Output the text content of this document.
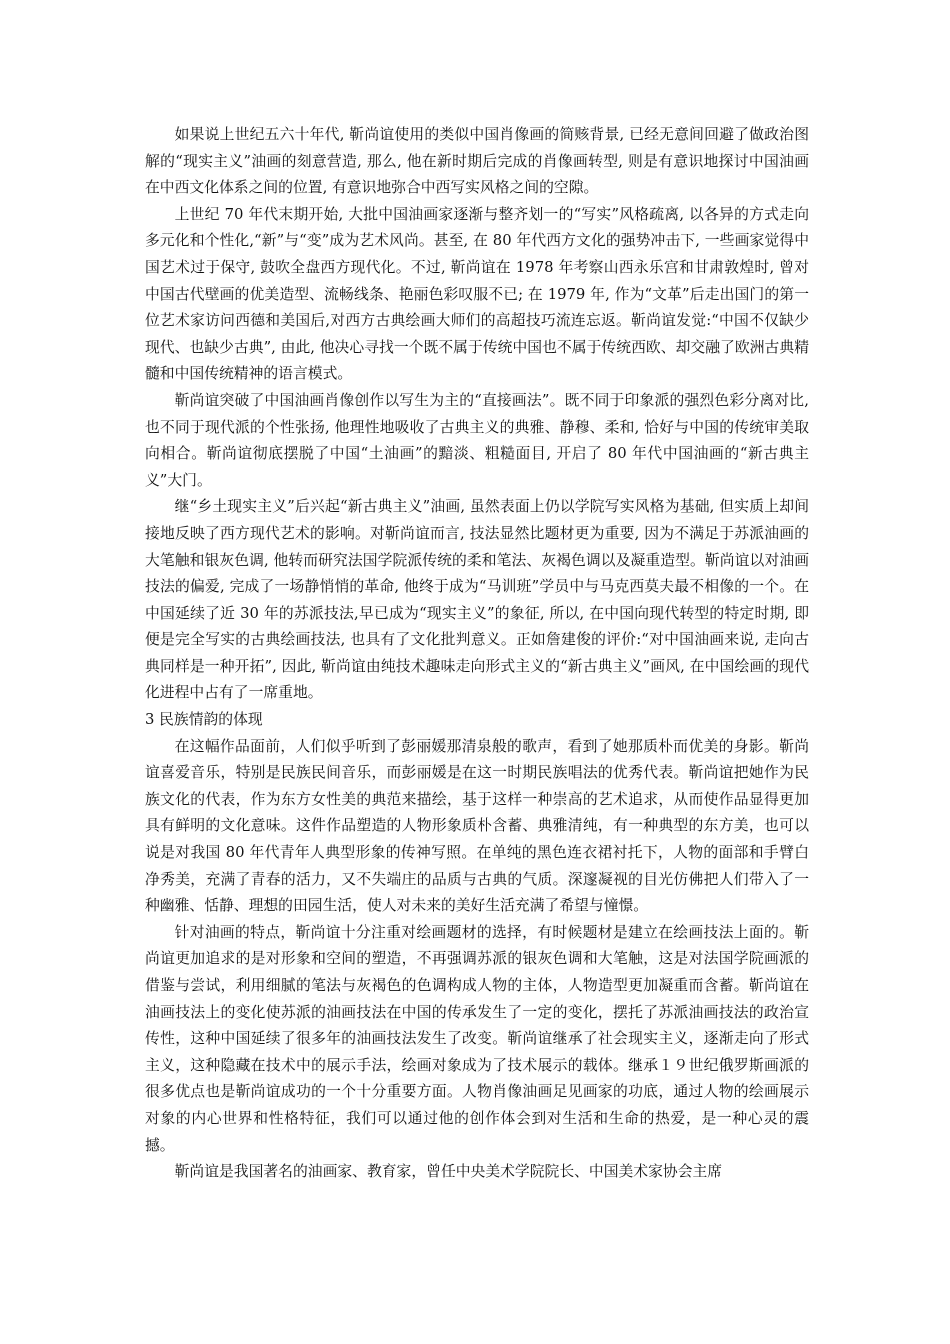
如果说上世纪五六十年代, 靳尚谊使用的类似中国肖像画的简赅背景, 已经无意间回避了做政治图解的“现实主义”油画的刻意营造, 那么, 他在新时期后完成的肖像画转型, 则是有意识地探讨中国油画在中西文化体系之间的位置, 有意识地弥合中西写实风格之间的空隙。

上世纪 70 年代末期开始, 大批中国油画家逐渐与整齐划一的“写实”风格疏离, 以各异的方式走向多元化和个性化,“新”与“变”成为艺术风尚。甚至, 在 80 年代西方文化的强势冲击下, 一些画家觉得中国艺术过于保守, 鼓吹全盘西方现代化。不过, 靳尚谊在 1978 年考察山西永乐宫和甘肃敦煌时, 曾对中国古代壁画的优美造型、流畅线条、艳丽色彩叹服不已; 在 1979 年, 作为“文革”后走出国门的第一位艺术家访问西德和美国后,对西方古典绘画大师们的高超技巧流连忘返。靳尚谊发觉:“中国不仅缺少现代、也缺少古典”, 由此, 他决心寻找一个既不属于传统中国也不属于传统西欧、却交融了欧洲古典精髓和中国传统精神的语言模式。

靳尚谊突破了中国油画肖像创作以写生为主的“直接画法”。既不同于印象派的强烈色彩分离对比, 也不同于现代派的个性张扬, 他理性地吸收了古典主义的典雅、静穆、柔和, 恰好与中国的传统审美取向相合。靳尚谊彻底摆脱了中国“土油画”的黯淡、粗糙面目, 开启了 80 年代中国油画的“新古典主义”大门。

继“乡土现实主义”后兴起“新古典主义”油画, 虽然表面上仍以学院写实风格为基础, 但实质上却间接地反映了西方现代艺术的影响。对靳尚谊而言, 技法显然比题材更为重要, 因为不满足于苏派油画的大笔触和银灰色调, 他转而研究法国学院派传统的柔和笔法、灰褐色调以及凝重造型。靳尚谊以对油画技法的偏爱, 完成了一场静悄悄的革命, 他终于成为“马训班”学员中与马克西莫夫最不相像的一个。在中国延续了近 30 年的苏派技法,早已成为“现实主义”的象征, 所以, 在中国向现代转型的特定时期, 即便是完全写实的古典绘画技法, 也具有了文化批判意义。正如詹建俊的评价:“对中国油画来说, 走向古典同样是一种开拓”, 因此, 靳尚谊由纯技术趣味走向形式主义的“新古典主义”画风, 在中国绘画的现代化进程中占有了一席重地。

3 民族情韵的体现

在这幅作品面前，人们似乎听到了彭丽媛那清泉般的歌声，看到了她那质朴而优美的身影。靳尚谊喜爱音乐，特别是民族民间音乐，而彭丽媛是在这一时期民族唱法的优秀代表。靳尚谊把她作为民族文化的代表，作为东方女性美的典范来描绘，基于这样一种崇高的艺术追求，从而使作品显得更加具有鲜明的文化意味。这件作品塑造的人物形象质朴含蓄、典雅清纯，有一种典型的东方美，也可以说是对我国 80 年代青年人典型形象的传神写照。在单纯的黑色连衣裙衬托下，人物的面部和手臂白净秀美，充满了青春的活力，又不失端庄的品质与古典的气质。深邃凝视的目光仿佛把人们带入了一种幽雅、恬静、理想的田园生活，使人对未来的美好生活充满了希望与憧憬。

针对油画的特点，靳尚谊十分注重对绘画题材的选择，有时候题材是建立在绘画技法上面的。靳尚谊更加追求的是对形象和空间的塑造，不再强调苏派的银灰色调和大笔触，这是对法国学院画派的借鉴与尝试，利用细腻的笔法与灰褐色的色调构成人物的主体，人物造型更加凝重而含蓄。靳尚谊在油画技法上的变化使苏派的油画技法在中国的传承发生了一定的变化，摆托了苏派油画技法的政治宣传性，这种中国延续了很多年的油画技法发生了改变。靳尚谊继承了社会现实主义，逐渐走向了形式主义，这种隐藏在技术中的展示手法，绘画对象成为了技术展示的载体。继承１９世纪俄罗斯画派的很多优点也是靳尚谊成功的一个十分重要方面。人物肖像油画足见画家的功底，通过人物的绘画展示对象的内心世界和性格特征，我们可以通过他的创作体会到对生活和生命的热爱，是一种心灵的震撼。

靳尚谊是我国著名的油画家、教育家，曾任中央美术学院院长、中国美术家协会主席
